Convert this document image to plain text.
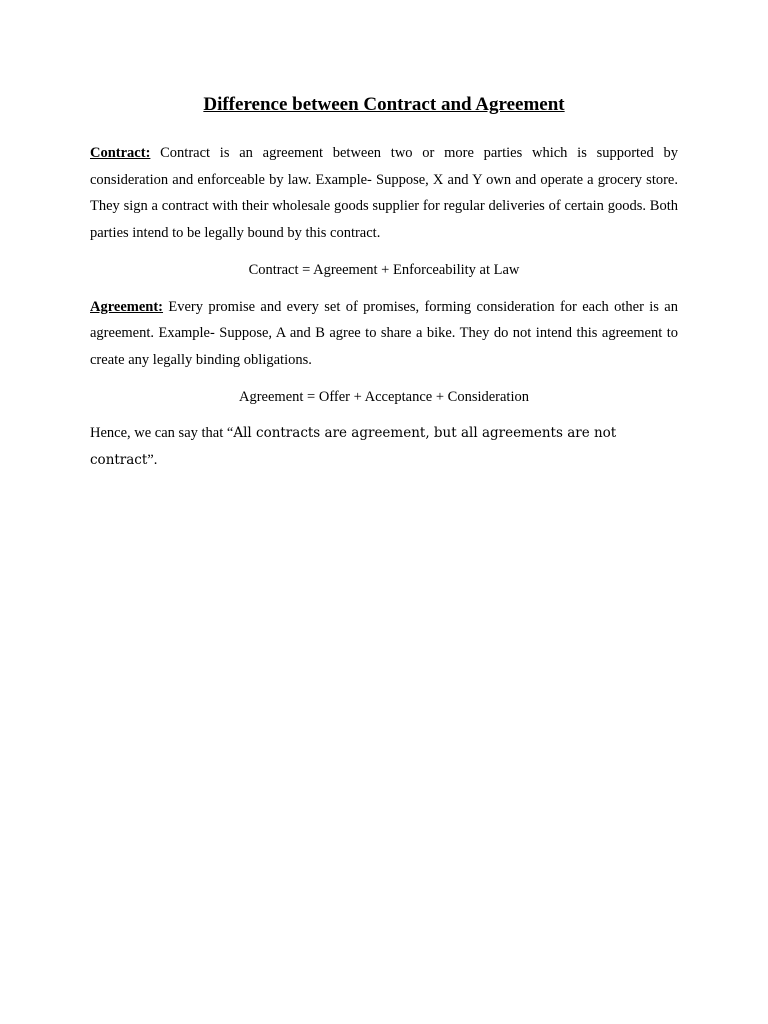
Difference between Contract and Agreement

Contract: Contract is an agreement between two or more parties which is supported by consideration and enforceable by law. Example- Suppose, X and Y own and operate a grocery store. They sign a contract with their wholesale goods supplier for regular deliveries of certain goods. Both parties intend to be legally bound by this contract.

Contract = Agreement + Enforceability at Law

Agreement: Every promise and every set of promises, forming consideration for each other is an agreement. Example- Suppose, A and B agree to share a bike. They do not intend this agreement to create any legally binding obligations.

Agreement = Offer + Acceptance + Consideration

Hence, we can say that “All contracts are agreement, but all agreements are not contract”.
